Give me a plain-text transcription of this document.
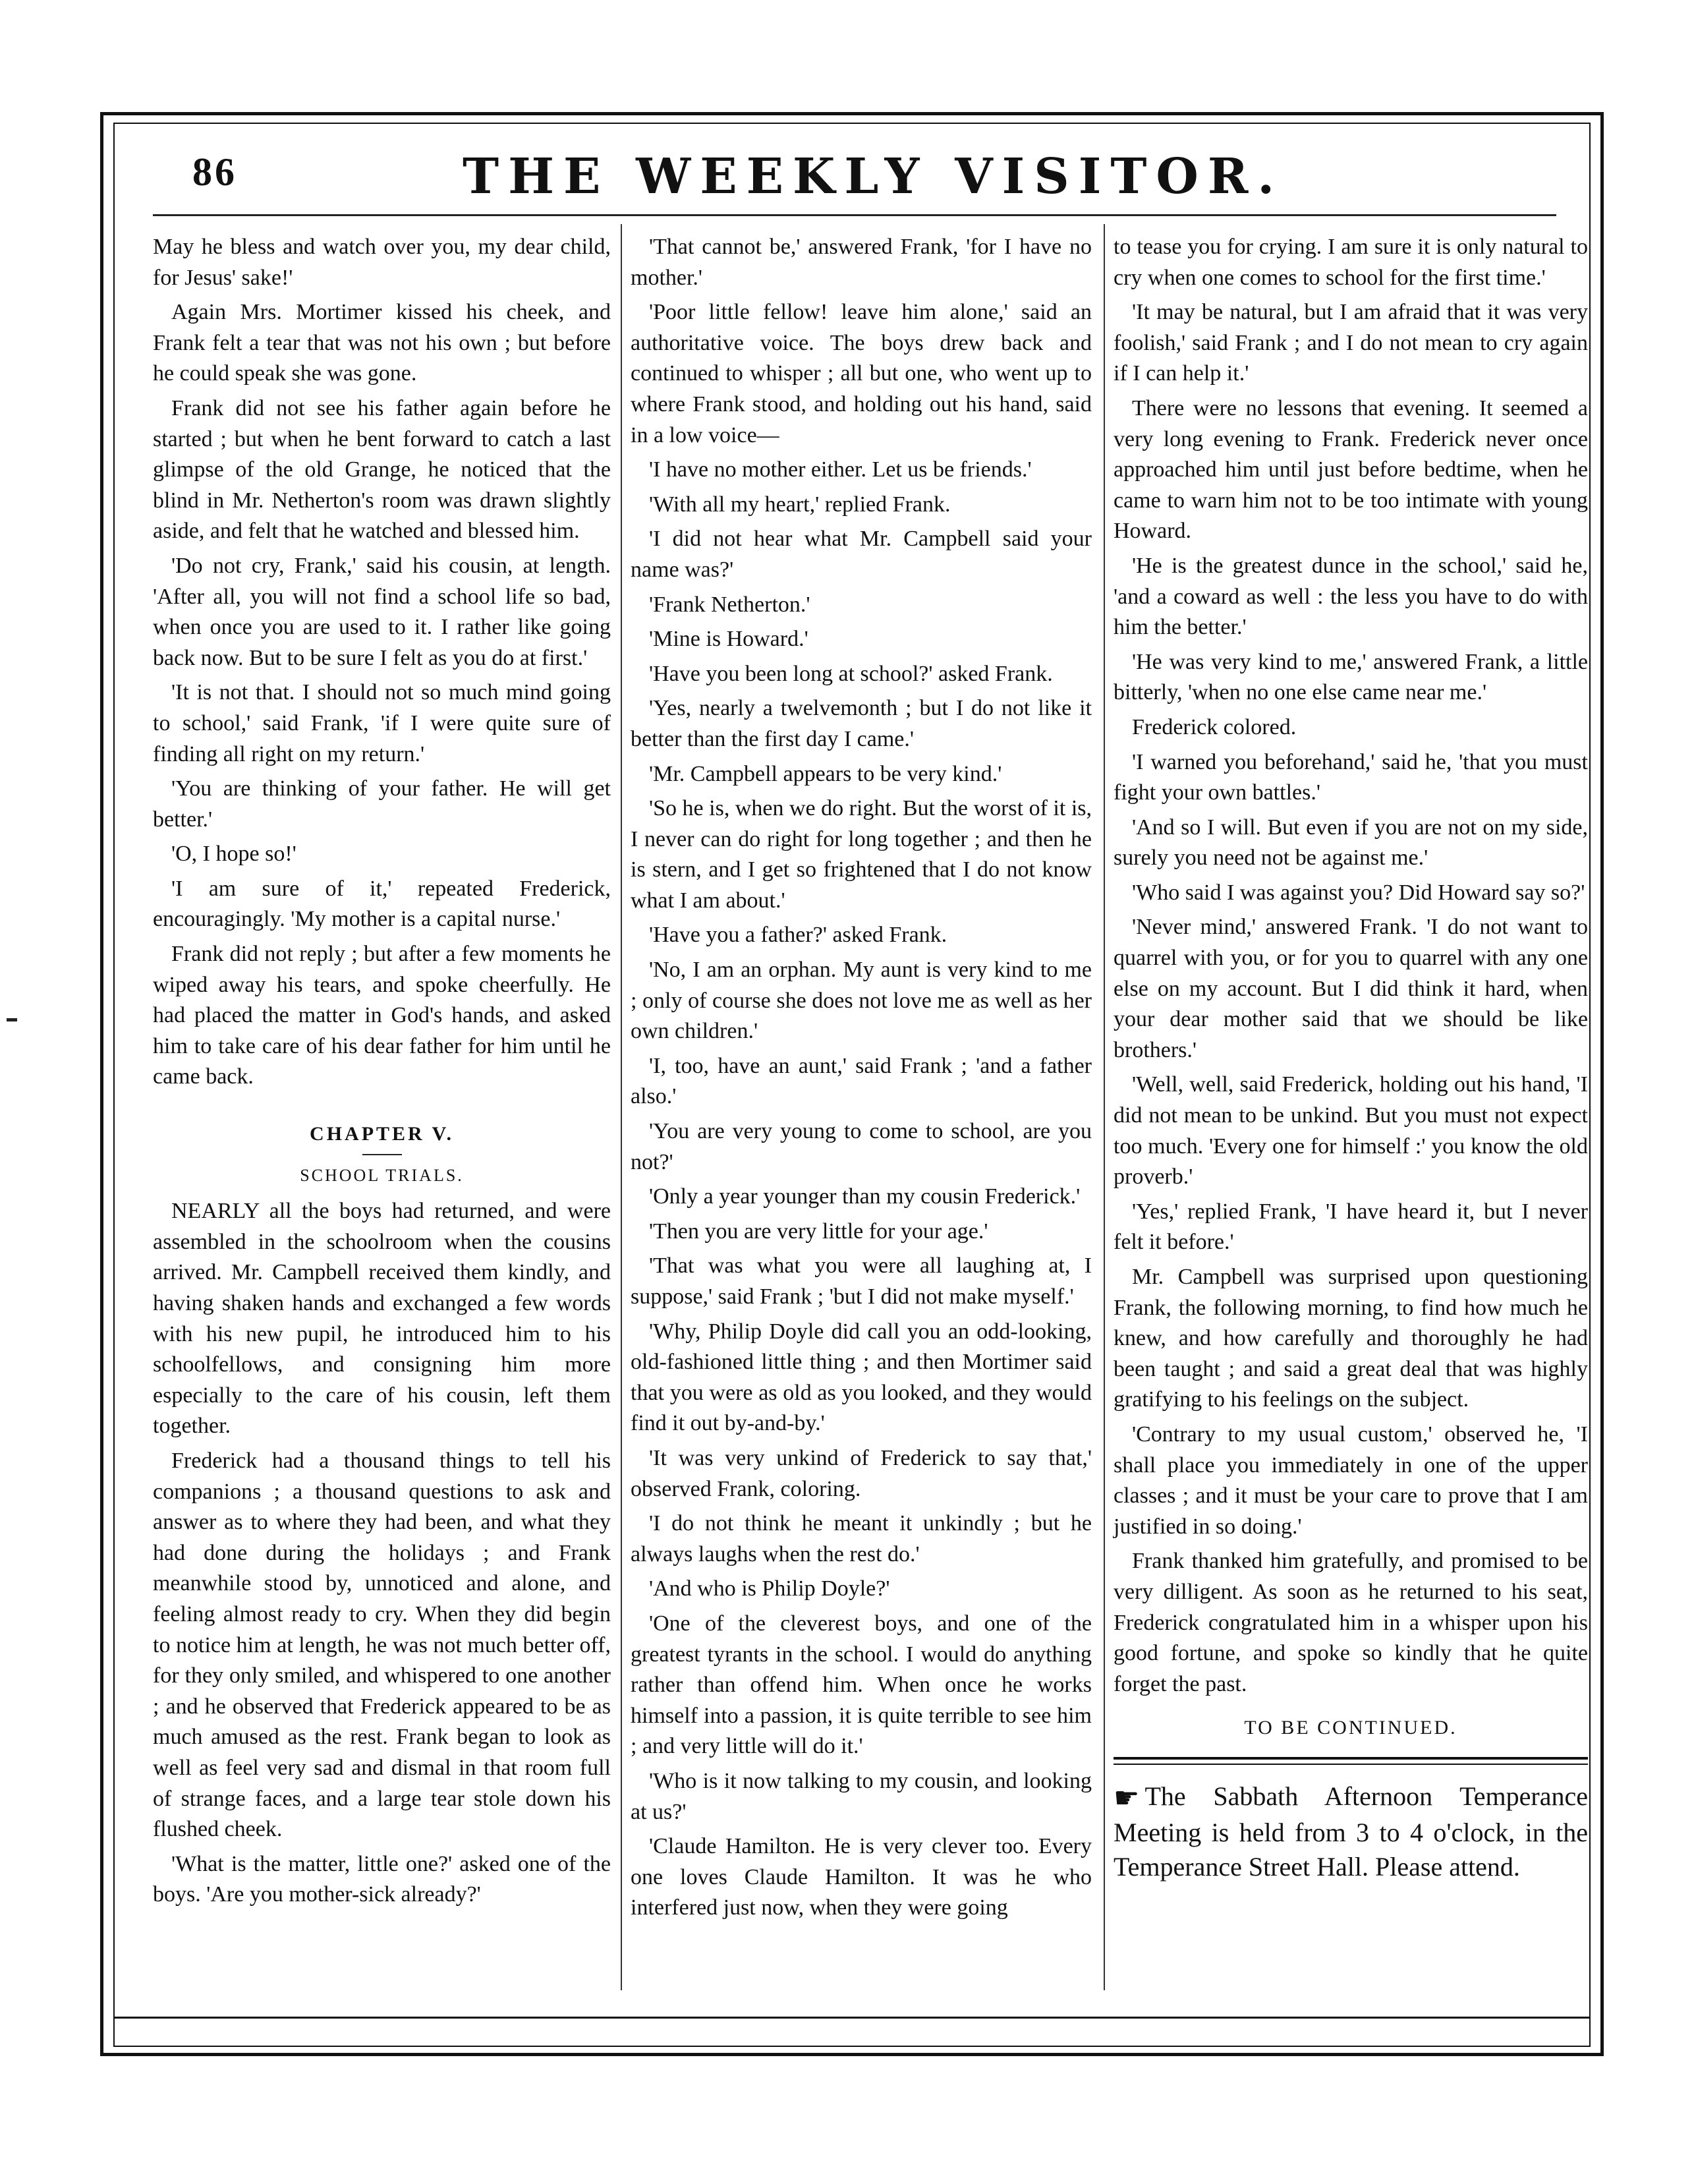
86	THE WEEKLY VISITOR.

May he bless and watch over you, my dear child, for Jesus' sake!'

Again Mrs. Mortimer kissed his cheek, and Frank felt a tear that was not his own ; but before he could speak she was gone.

Frank did not see his father again before he started ; but when he bent forward to catch a last glimpse of the old Grange, he noticed that the blind in Mr. Netherton's room was drawn slightly aside, and felt that he watched and blessed him.

'Do not cry, Frank,' said his cousin, at length. 'After all, you will not find a school life so bad, when once you are used to it. I rather like going back now. But to be sure I felt as you do at first.'

'It is not that. I should not so much mind going to school,' said Frank, 'if I were quite sure of finding all right on my return.'

'You are thinking of your father. He will get better.'

'O, I hope so!'

'I am sure of it,' repeated Frederick, encouragingly. 'My mother is a capital nurse.'

Frank did not reply ; but after a few moments he wiped away his tears, and spoke cheerfully. He had placed the matter in God's hands, and asked him to take care of his dear father for him until he came back.

CHAPTER V.
SCHOOL TRIALS.

NEARLY all the boys had returned, and were assembled in the schoolroom when the cousins arrived. Mr. Campbell received them kindly, and having shaken hands and exchanged a few words with his new pupil, he introduced him to his schoolfellows, and consigning him more especially to the care of his cousin, left them together.

Frederick had a thousand things to tell his companions ; a thousand questions to ask and answer as to where they had been, and what they had done during the holidays ; and Frank meanwhile stood by, unnoticed and alone, and feeling almost ready to cry. When they did begin to notice him at length, he was not much better off, for they only smiled, and whispered to one another ; and he observed that Frederick appeared to be as much amused as the rest. Frank began to look as well as feel very sad and dismal in that room full of strange faces, and a large tear stole down his flushed cheek.

'What is the matter, little one?' asked one of the boys. 'Are you mother-sick already?'

'That cannot be,' answered Frank, 'for I have no mother.'

'Poor little fellow! leave him alone,' said an authoritative voice. The boys drew back and continued to whisper ; all but one, who went up to where Frank stood, and holding out his hand, said in a low voice—

'I have no mother either. Let us be friends.'

'With all my heart,' replied Frank.

'I did not hear what Mr. Campbell said your name was?'

'Frank Netherton.'

'Mine is Howard.'

'Have you been long at school?' asked Frank.

'Yes, nearly a twelvemonth ; but I do not like it better than the first day I came.'

'Mr. Campbell appears to be very kind.'

'So he is, when we do right. But the worst of it is, I never can do right for long together ; and then he is stern, and I get so frightened that I do not know what I am about.'

'Have you a father?' asked Frank.

'No, I am an orphan. My aunt is very kind to me ; only of course she does not love me as well as her own children.'

'I, too, have an aunt,' said Frank ; 'and a father also.'

'You are very young to come to school, are you not?'

'Only a year younger than my cousin Frederick.'

'Then you are very little for your age.'

'That was what you were all laughing at, I suppose,' said Frank ; 'but I did not make myself.'

'Why, Philip Doyle did call you an odd-looking, old-fashioned little thing ; and then Mortimer said that you were as old as you looked, and they would find it out by-and-by.'

'It was very unkind of Frederick to say that,' observed Frank, coloring.

'I do not think he meant it unkindly ; but he always laughs when the rest do.'

'And who is Philip Doyle?'

'One of the cleverest boys, and one of the greatest tyrants in the school. I would do anything rather than offend him. When once he works himself into a passion, it is quite terrible to see him ; and very little will do it.'

'Who is it now talking to my cousin, and looking at us?'

'Claude Hamilton. He is very clever too. Every one loves Claude Hamilton. It was he who interfered just now, when they were going

to tease you for crying. I am sure it is only natural to cry when one comes to school for the first time.'

'It may be natural, but I am afraid that it was very foolish,' said Frank ; and I do not mean to cry again if I can help it.'

There were no lessons that evening. It seemed a very long evening to Frank. Frederick never once approached him until just before bedtime, when he came to warn him not to be too intimate with young Howard.

'He is the greatest dunce in the school,' said he, 'and a coward as well : the less you have to do with him the better.'

'He was very kind to me,' answered Frank, a little bitterly, 'when no one else came near me.'

Frederick colored.

'I warned you beforehand,' said he, 'that you must fight your own battles.'

'And so I will. But even if you are not on my side, surely you need not be against me.'

'Who said I was against you? Did Howard say so?'

'Never mind,' answered Frank. 'I do not want to quarrel with you, or for you to quarrel with any one else on my account. But I did think it hard, when your dear mother said that we should be like brothers.'

'Well, well, said Frederick, holding out his hand, 'I did not mean to be unkind. But you must not expect too much. 'Every one for himself :' you know the old proverb.'

'Yes,' replied Frank, 'I have heard it, but I never felt it before.'

Mr. Campbell was surprised upon questioning Frank, the following morning, to find how much he knew, and how carefully and thoroughly he had been taught ; and said a great deal that was highly gratifying to his feelings on the subject.

'Contrary to my usual custom,' observed he, 'I shall place you immediately in one of the upper classes ; and it must be your care to prove that I am justified in so doing.'

Frank thanked him gratefully, and promised to be very dilligent. As soon as he returned to his seat, Frederick congratulated him in a whisper upon his good fortune, and spoke so kindly that he quite forget the past.

TO BE CONTINUED.
☛ The Sabbath Afternoon Temperance Meeting is held from 3 to 4 o'clock, in the Temperance Street Hall. Please attend.
